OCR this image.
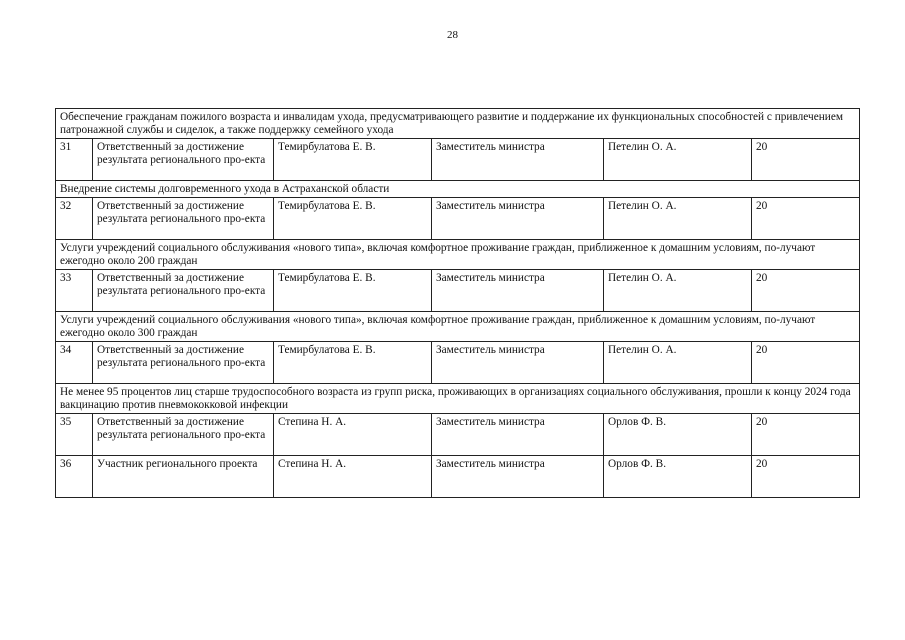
28
Обеспечение гражданам пожилого возраста и инвалидам ухода, предусматривающего развитие и поддержание их функциональных способностей с привлечением патронажной службы и сиделок, а также поддержку семейного ухода					
31	Ответственный за достижение результата регионального про-екта	Темирбулатова Е. В.	Заместитель министра	Петелин О. А.	20
Внедрение системы долговременного ухода в Астраханской области					
32	Ответственный за достижение результата регионального про-екта	Темирбулатова Е. В.	Заместитель министра	Петелин О. А.	20
Услуги учреждений социального обслуживания «нового типа», включая комфортное проживание граждан, приближенное к домашним условиям, по-лучают ежегодно около 200 граждан					
33	Ответственный за достижение результата регионального про-екта	Темирбулатова Е. В.	Заместитель министра	Петелин О. А.	20
Услуги учреждений социального обслуживания «нового типа», включая комфортное проживание граждан, приближенное к домашним условиям, по-лучают ежегодно около 300 граждан					
34	Ответственный за достижение результата регионального про-екта	Темирбулатова Е. В.	Заместитель министра	Петелин О. А.	20
Не менее 95 процентов лиц старше трудоспособного возраста из групп риска, проживающих в организациях социального обслуживания, прошли к концу 2024 года вакцинацию против пневмококковой инфекции					
35	Ответственный за достижение результата регионального про-екта	Степина Н. А.	Заместитель министра	Орлов Ф. В.	20
36	Участник регионального проекта	Степина Н. А.	Заместитель министра	Орлов Ф. В.	20
